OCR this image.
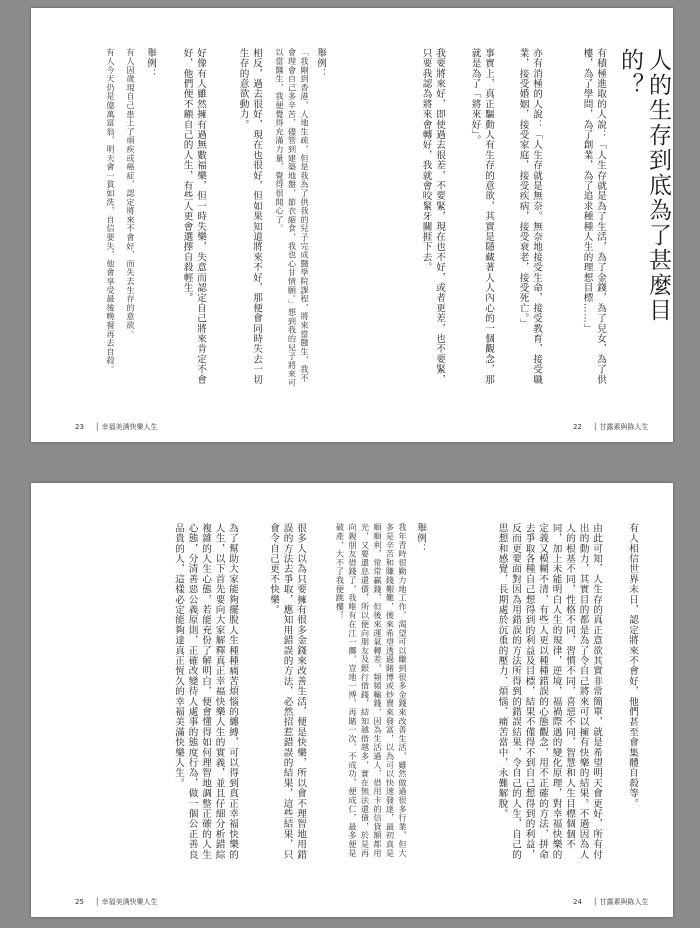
人的生存到底為了甚麼目的？
有積極進取的人說：「人生存就是為了生活，為了金錢，為了兒女，為了供樓，為了學問，為了創業，為了追求種種人生的理想目標……」
亦有消極的人說：「人生存就是無奈。無奈地接受生命，接受教育，接受職業，接受婚姻，接受家庭，接受疾病，接受衰老，接受死亡。」
事實上，真正驅動人有生存的意欲，其實是隱藏著人人內心的一個觀念，那就是為了「將來好」。
我要將來好，即使過去很差，不要緊，現在也不好，或者更差，也不要緊，只要我認為將來會轉好，我就會咬緊牙關捱下去。
22 │ 甘露素與陈人生
舉例：
「我剛到香港，人地生疏，但是我為了供我的兒子完成醫學院課程，將來當醫生，我不會理會自己多辛苦，儘管到建築地盤，節衣縮食，我也心甘情願。」想到我的兒子將來可以當醫生，我便覺得充滿力量，覺得很開心了。
相反，過去很好，現在也很好，但如果知道將來不好，那便會同時失去一切生存的意欲動力。
好像有人雖然擁有過無數福樂，但一時失樂，失意而認定自己將來肯定不會好，他們便不顧自己的人生，有些人更會選擇自殺輕生。
舉例：
有人因歲現自己患上了頑疾或癌症，認定將來不會好，而失去生存的意欲。
有人今天仍是億萬富翁，明天會一貧如洗，自信要失，他會享受最後晚餐再去自殺。
23 │ 幸福美满快樂人生
有人相信世界末日，認定將來不會好，他們甚至會集體自殺等。
由此可知，人生存的真正意欲其實非常簡單，就是希望明天會更好，所有付出的動力，其實目的都是為了令自己將來可以擁有快樂的結果。不過因為人人的根基不同，性格不同，習慣不同，喜惡不同，智慧和人生目標個個不同，加上未能明白人生的規律，逆境，福禍際遇的變化原理，對幸福快樂的定義又模糊不清，有些人更以種種錯誤的心態觀念，用不正確的方法，拼命去爭取各種自己想得到的利益及目標，結果不僅得不到自己想得到的利益，反而更要面對因為用錯誤的方法所得到的錯誤結果，令自己的人生，自己的思想和感覺，長期處於沉重的壓力、煩惱、痛苦當中，永難解脫。
舉例：
我年青時很勤力地工作，渴望可以賺到很多金錢來改善生活，雖然做過很多行業，但大多是辛苦和賺錢艱難，後來希望透過賭博或炒賣來發富，以為可以快速發達，最初真是順順利，常常贏錢，但後來運氣轉差，頻頻輸錢，因為生活過人，借用卡的信貸額都用光，又要還息還債，所以便向朋友及銀行借錢，結知越借越多，實在無法還債，於是再向親朋友借錢了，我唯有在江一擲，豈地一博，再賭一次，不成功，便成仁，最多便是破產，大不了我便跳樓！
很多人以為只要擁有很多金錢來改善生活，便是快樂，所以會不理智地用錯誤的方法去爭取，應知用錯誤的方法，必然招惹錯誤的結果，這些結果，只會令自己更不快樂。
為了幫助大家能夠擺脫人生種種痛苦煩惱的纏縛，可以得到真正幸福快樂的人生，以下首先要向大家解釋真正幸福快樂人生的實義，並且仔細分析錯綜複雜的人生心態，若能充份了解明白，便會懂得如何理智地調整正確的人生心態，分清善惡公義原則，正確改變待人處事的態度行為，做一個公正善良品貴的人，這樣必定能夠達真正恆久的幸福美滿快樂人生。
24 │ 甘露素與陈人生
25 │ 幸福美满快樂人生
